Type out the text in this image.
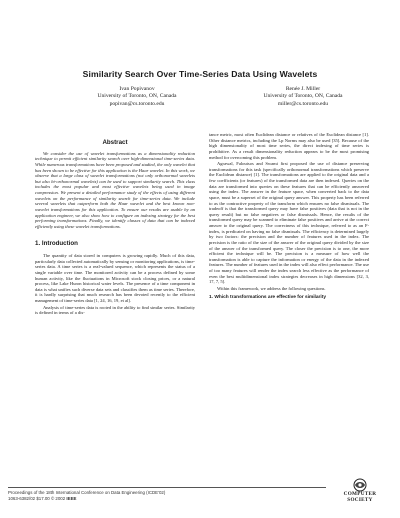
Similarity Search Over Time-Series Data Using Wavelets
Ivan Popivanov
University of Toronto, ON, Canada
popivan@cs.toronto.edu
Renée J. Miller
University of Toronto, ON, Canada
miller@cs.toronto.edu
Abstract

We consider the use of wavelet transformations as a dimensionality reduction technique to permit efficient similarity search over high-dimensional time-series data. While numerous transformations have been proposed and studied, the only wavelet that has been shown to be effective for this application is the Haar wavelet. In this work, we observe that a large class of wavelet transformations (not only orthonormal wavelets but also bi-orthonormal wavelets) can be used to support similarity search. This class includes the most popular and most effective wavelets being used in image compression. We present a detailed performance study of the effects of using different wavelets on the performance of similarity search for time-series data. We include several wavelets that outperform both the Haar wavelet and the best known non-wavelet transformations for this application. To ensure our results are usable by an application engineer, we also show how to configure an indexing strategy for the best performing transformations. Finally, we identify classes of data that can be indexed efficiently using these wavelet transformations.

1. Introduction

The quantity of data stored in computers is growing rapidly. Much of this data, particularly data collected automatically by sensing or monitoring applications, is time-series data. A time series is a real-valued sequence, which represents the status of a single variable over time. The monitored activity can be a process defined by some human activity, like the fluctuations in Microsoft stock closing prices, or a natural process, like Lake Huron historical water levels. The presence of a time component in data is what unifies such diverse data sets and classifies them as time series. Therefore, it is hardly surprising that much research has been devoted recently to the efficient management of time-series data [1, 24, 16, 19, et al].

Analysis of time-series data is rooted in the ability to find similar series. Similarity is defined in terms of a dis-

tance metric, most often Euclidean distance or relatives of the Euclidean distance [1]. Other distance metrics, including the Lp Norms may also be used [35]. Because of the high dimensionality of most time series, the direct indexing of time series is prohibitive. As a result dimensionality reduction appears to be the most promising method for overcoming this problem.

Agrawal, Faloutsos and Swami first proposed the use of distance preserving transformations for this task (specifically orthonormal transformations which preserve the Euclidean distance) [1]. The transformations are applied to the original data and a few coefficients (or features) of the transformed data are then indexed. Queries on the data are transformed into queries on these features that can be efficiently answered using the index. The answer in the feature space, when converted back to the data space, must be a superset of the original query answer. This property has been referred to as the contractive property of the transform which ensures no false dismissals. The tradeoff is that the transformed query may have false positives (data that is not in the query result) but no false negatives or false dismissals. Hence, the results of the transformed query may be scanned to eliminate false positives and arrive at the correct answer to the original query. The correctness of this technique, referred to as an F-index, is predicated on having no false dismissals. The efficiency is determined largely by two factors: the precision and the number of features used in the index. The precision is the ratio of the size of the answer of the original query divided by the size of the answer of the transformed query. The closer the precision is to one, the more efficient the technique will be. The precision is a measure of how well the transformation is able to capture the information or energy of the data in the indexed features. The number of features used in the index will also effect performance. The use of too many features will render the index search less effective as the performance of even the best multidimensional index strategies decreases in high dimensions [32, 3, 17, 7, 5].

Within this framework, we address the following questions.

1. Which transformations are effective for similarity
Proceedings of the 18th International Conference on Data Engineering (ICDE'02)
1063-6382/02 $17.00 © 2002 IEEE
COMPUTER
SOCIETY
